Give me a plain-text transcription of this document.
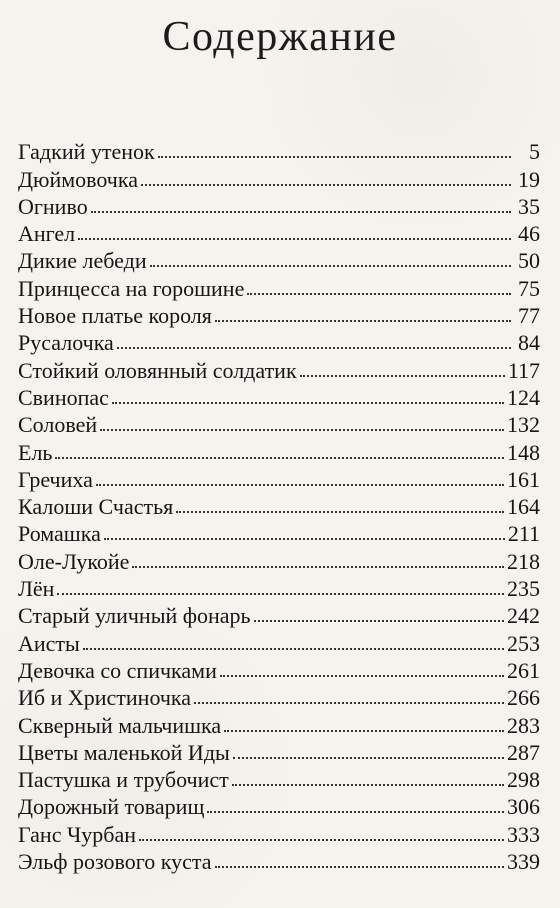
Содержание
Гадкий утенок	5
Дюймовочка	19
Огниво	35
Ангел	46
Дикие лебеди	50
Принцесса на горошине	75
Новое платье короля	77
Русалочка	84
Стойкий оловянный солдатик	117
Свинопас	124
Соловей	132
Ель	148
Гречиха	161
Калоши Счастья	164
Ромашка	211
Оле-Лукойе	218
Лён	235
Старый уличный фонарь	242
Аисты	253
Девочка со спичками	261
Иб и Христиночка	266
Скверный мальчишка	283
Цветы маленькой Иды	287
Пастушка и трубочист	298
Дорожный товарищ	306
Ганс Чурбан	333
Эльф розового куста	339
